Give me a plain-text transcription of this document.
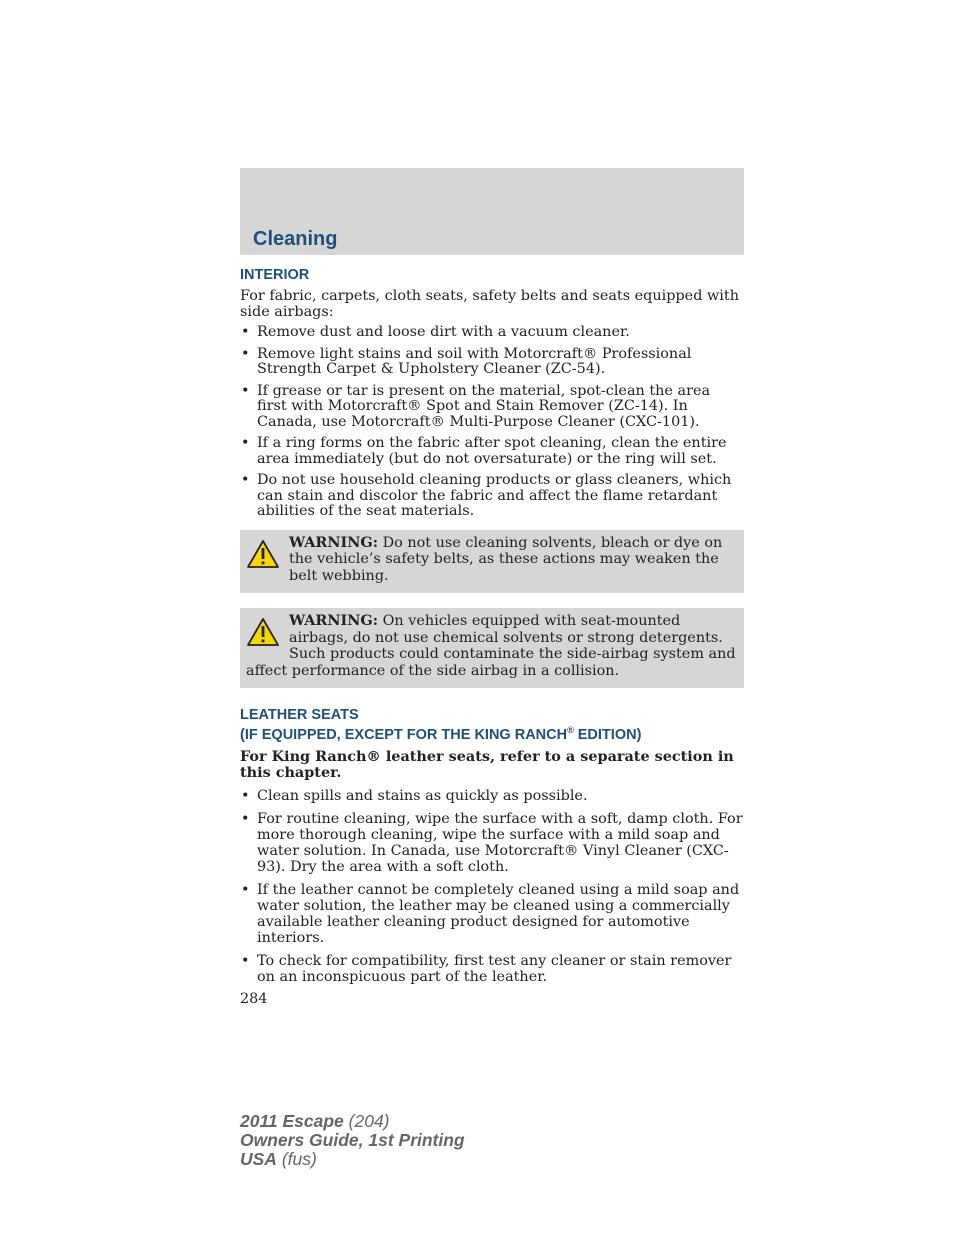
Cleaning
INTERIOR

For fabric, carpets, cloth seats, safety belts and seats equipped with side airbags:

• Remove dust and loose dirt with a vacuum cleaner.
• Remove light stains and soil with Motorcraft® Professional Strength Carpet & Upholstery Cleaner (ZC-54).
• If grease or tar is present on the material, spot-clean the area first with Motorcraft® Spot and Stain Remover (ZC-14). In Canada, use Motorcraft® Multi-Purpose Cleaner (CXC-101).
• If a ring forms on the fabric after spot cleaning, clean the entire area immediately (but do not oversaturate) or the ring will set.
• Do not use household cleaning products or glass cleaners, which can stain and discolor the fabric and affect the flame retardant abilities of the seat materials.
WARNING: Do not use cleaning solvents, bleach or dye on the vehicle’s safety belts, as these actions may weaken the belt webbing.
WARNING: On vehicles equipped with seat-mounted airbags, do not use chemical solvents or strong detergents. Such products could contaminate the side-airbag system and affect performance of the side airbag in a collision.
LEATHER SEATS
(IF EQUIPPED, EXCEPT FOR THE KING RANCH® EDITION)

For King Ranch® leather seats, refer to a separate section in this chapter.

• Clean spills and stains as quickly as possible.
• For routine cleaning, wipe the surface with a soft, damp cloth. For more thorough cleaning, wipe the surface with a mild soap and water solution. In Canada, use Motorcraft® Vinyl Cleaner (CXC-93). Dry the area with a soft cloth.
• If the leather cannot be completely cleaned using a mild soap and water solution, the leather may be cleaned using a commercially available leather cleaning product designed for automotive interiors.
• To check for compatibility, first test any cleaner or stain remover on an inconspicuous part of the leather.
284
2011 Escape (204)
Owners Guide, 1st Printing
USA (fus)
